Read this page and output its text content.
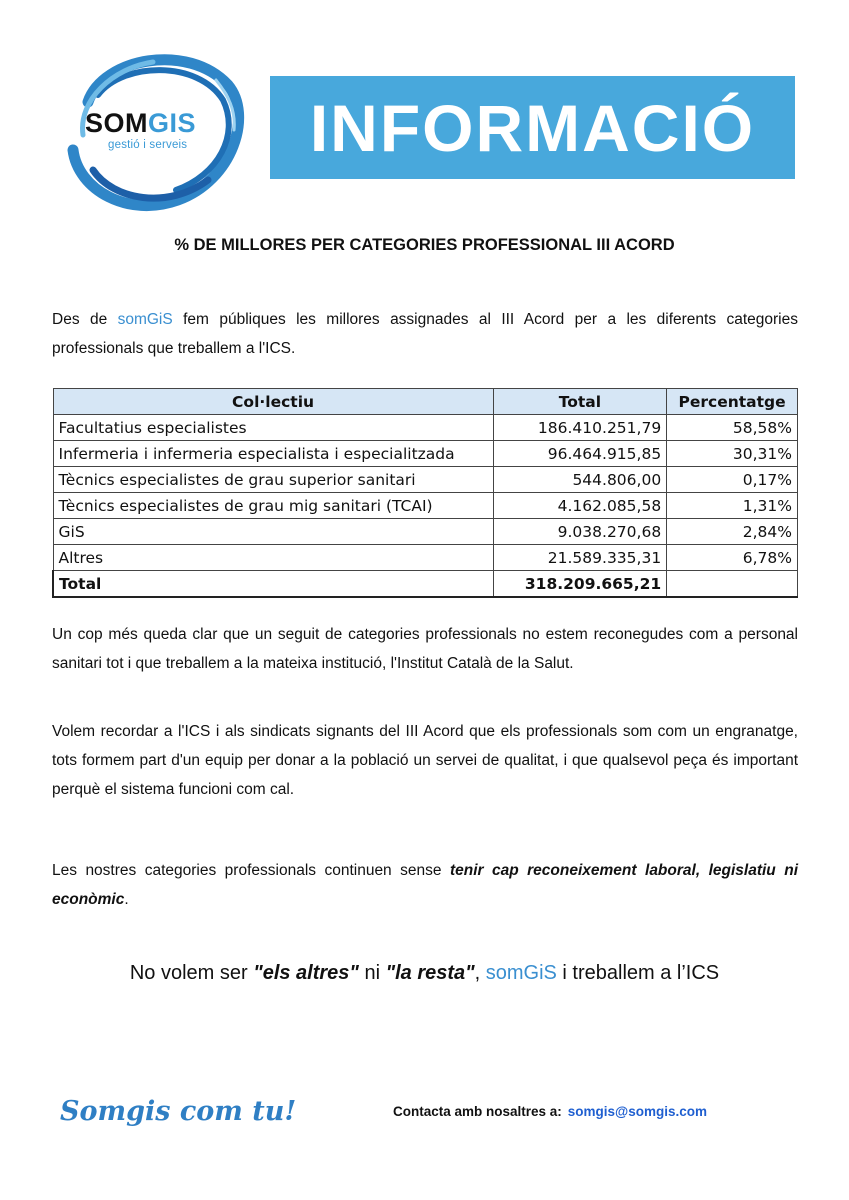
SOMGIS
gestió i serveis INFORMACIÓ
% DE MILLORES PER CATEGORIES PROFESSIONAL III ACORD
Des de somGiS fem públiques les millores assignades al III Acord per a les diferents categories professionals que treballem a l'ICS.
Col·lectiu	Total	Percentatge
Facultatius especialistes	186.410.251,79	58,58%
Infermeria i infermeria especialista i especialitzada	96.464.915,85	30,31%
Tècnics especialistes de grau superior sanitari	544.806,00	0,17%
Tècnics especialistes de grau mig sanitari (TCAI)	4.162.085,58	1,31%
GiS	9.038.270,68	2,84%
Altres	21.589.335,31	6,78%
Total	318.209.665,21	
Un cop més queda clar que un seguit de categories professionals no estem reconegudes com a personal sanitari tot i que treballem a la mateixa institució, l'Institut Català de la Salut.
Volem recordar a l'ICS i als sindicats signants del III Acord que els professionals som com un engranatge, tots formem part d'un equip per donar a la població un servei de qualitat, i que qualsevol peça és important perquè el sistema funcioni com cal.
Les nostres categories professionals continuen sense tenir cap reconeixement laboral, legislatiu ni econòmic.
No volem ser "els altres" ni "la resta", somGiS i treballem a l’ICS
Somgis com tu!	Contacta amb nosaltres a: somgis@somgis.com
